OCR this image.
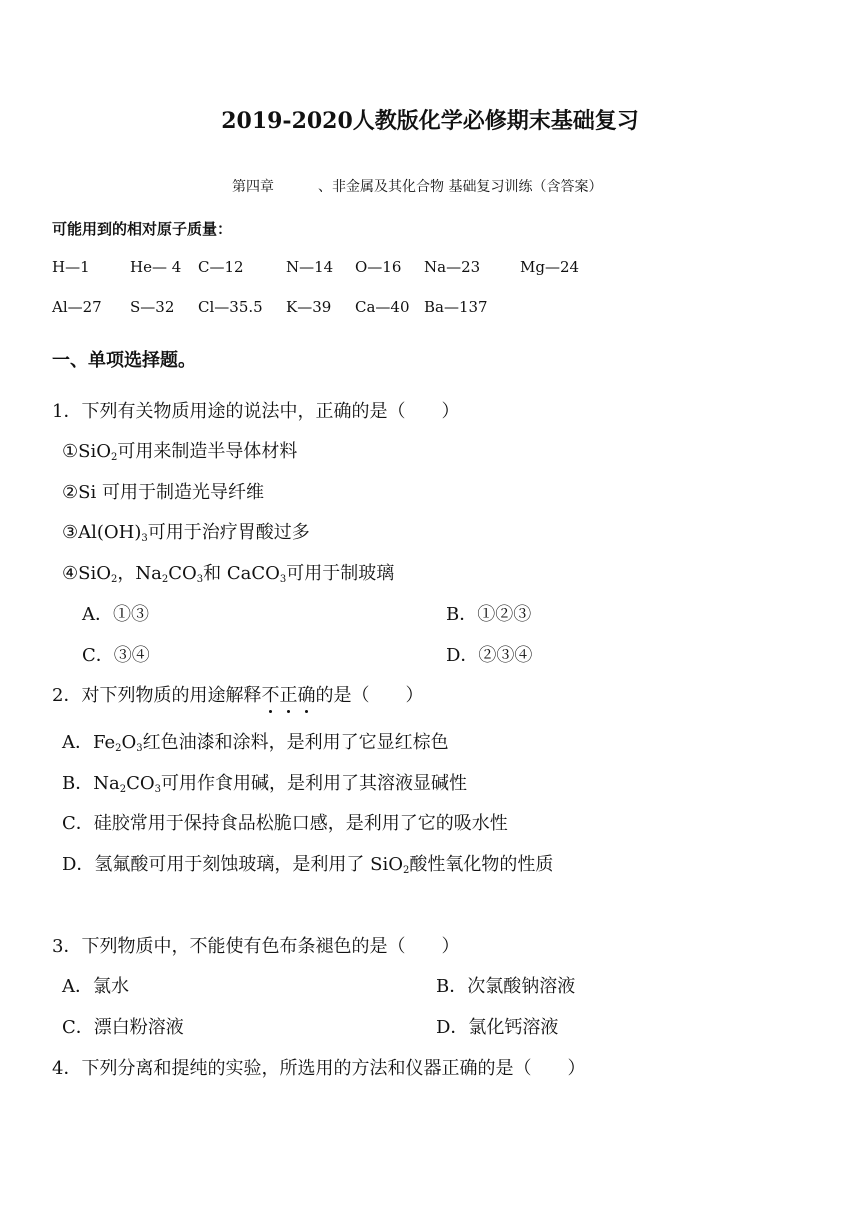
2019-2020人教版化学必修期末基础复习
第四章	、非金属及其化合物 基础复习训练（含答案）
可能用到的相对原子质量：
H—1	He— 4 C—12	N—14 O—16 Na—23	Mg—24
Al—27 S—32 Cl—35.5 K—39 Ca—40 Ba—137
一、单项选择题。
1．下列有关物质用途的说法中，正确的是（　　）
①SiO$_2$可用来制造半导体材料
②Si 可用于制造光导纤维
$③Al(OH)_3$可用于治疗胃酸过多
④SiO$_2$，$Na_2CO_3$和 CaCO$_3$可用于制玻璃
A．①③	B．①②③
C．③④	D．②③④
2．对下列物质的用途解释不正确的是（　　）
A．$Fe_2O_3$红色油漆和涂料，是利用了它显红棕色
B．$Na_2CO_3$可用作食用碱，是利用了其溶液显碱性
C．硅胶常用于保持食品松脆口感，是利用了它的吸水性
D．氢氟酸可用于刻蚀玻璃，是利用了 SiO$_2$酸性氧化物的性质
3．下列物质中，不能使有色布条褪色的是（　　）
A．氯水	B．次氯酸钠溶液
C．漂白粉溶液	D．氯化钙溶液
4．下列分离和提纯的实验，所选用的方法和仪器正确的是（　　）
